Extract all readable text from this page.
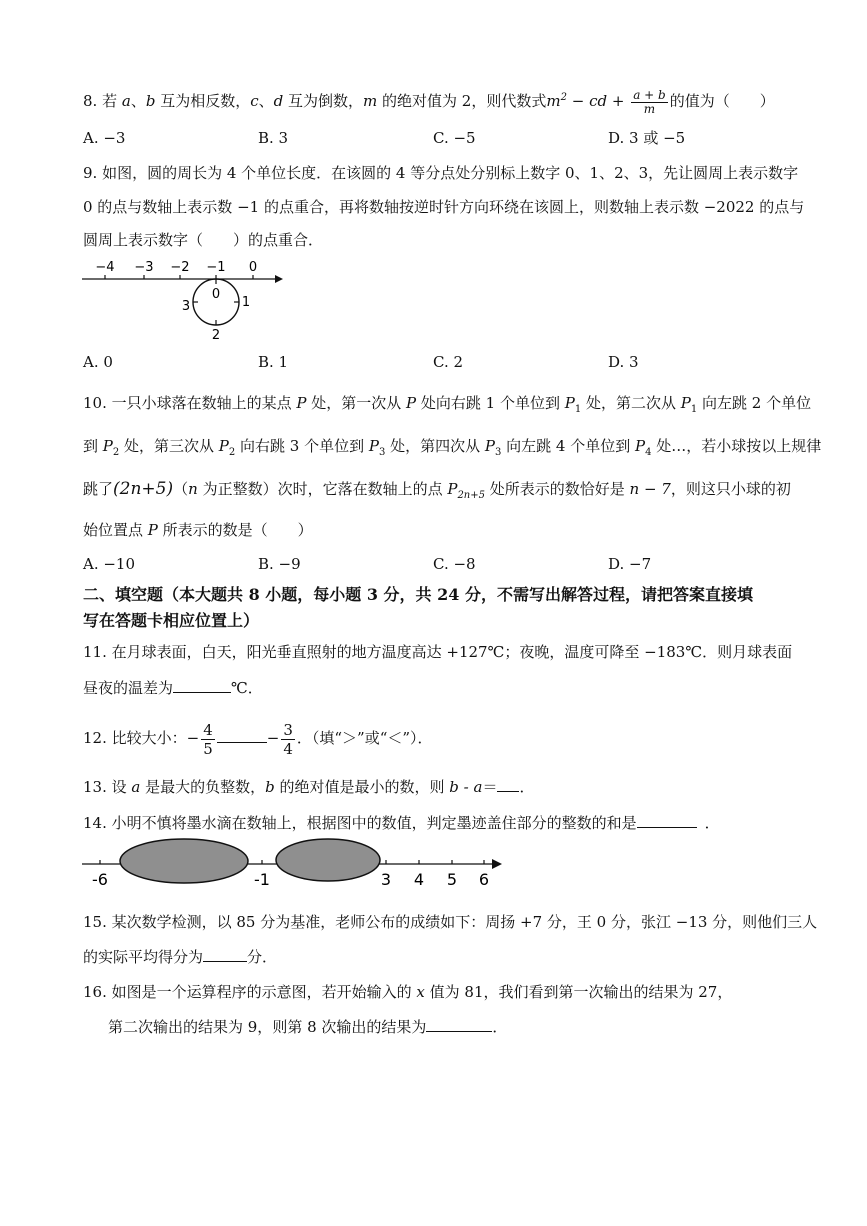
8. 若 a、b 互为相反数，c、d 互为倒数，m 的绝对值为 2，则代数式$m^2$ − cd + $\frac{a + b}{m}$ 的值为（　　）
A. −3	B. 3	C. −5	D. 3 或 −5
9. 如图，圆的周长为 4 个单位长度．在该圆的 4 等分点处分别标上数字 0、1、2、3，先让圆周上表示数字
0 的点与数轴上表示数 −1 的点重合，再将数轴按逆时针方向环绕在该圆上，则数轴上表示数 −2022 的点与
圆周上表示数字（　　）的点重合．
−4 −3 −2 −1 0
0
1
2
3
A. 0	B. 1	C. 2	D. 3
10. 一只小球落在数轴上的某点 P 处，第一次从 P 处向右跳 1 个单位到 $P_1$ 处，第二次从 $P_1$ 向左跳 2 个单位
到 $P_2$ 处，第三次从 $P_2$ 向右跳 3 个单位到 $P_3$ 处，第四次从 $P_3$ 向左跳 4 个单位到 $P_4$ 处…，若小球按以上规律
跳了(2n+5)（n 为正整数）次时，它落在数轴上的点 $P_{2n+5}$ 处所表示的数恰好是 n − 7，则这只小球的初
始位置点 P 所表示的数是（　　）
A. −10	B. −9	C. −8	D. −7
二、填空题（本大题共 8 小题，每小题 3 分，共 24 分，不需写出解答过程，请把答案直接填
写在答题卡相应位置上）
11. 在月球表面，白天，阳光垂直照射的地方温度高达 +127℃；夜晚，温度可降至 −183℃．则月球表面
昼夜的温差为	℃．
12. 比较大小：− $\frac{4}{5}$	− $\frac{3}{4}$ ．（填“＞”或“＜”）．
13. 设 a 是最大的负整数，b 的绝对值是最小的数，则 b - a＝ ．
14. 小明不慎将墨水滴在数轴上，根据图中的数值，判定墨迹盖住部分的整数的和是	．
-6	-1	3 4 5 6
15. 某次数学检测，以 85 分为基准，老师公布的成绩如下：周扬 +7 分，王 0 分，张江 −13 分，则他们三人
的实际平均得分为	分．
16. 如图是一个运算程序的示意图，若开始输入的 x 值为 81，我们看到第一次输出的结果为 27，
第二次输出的结果为 9，则第 8 次输出的结果为	．
